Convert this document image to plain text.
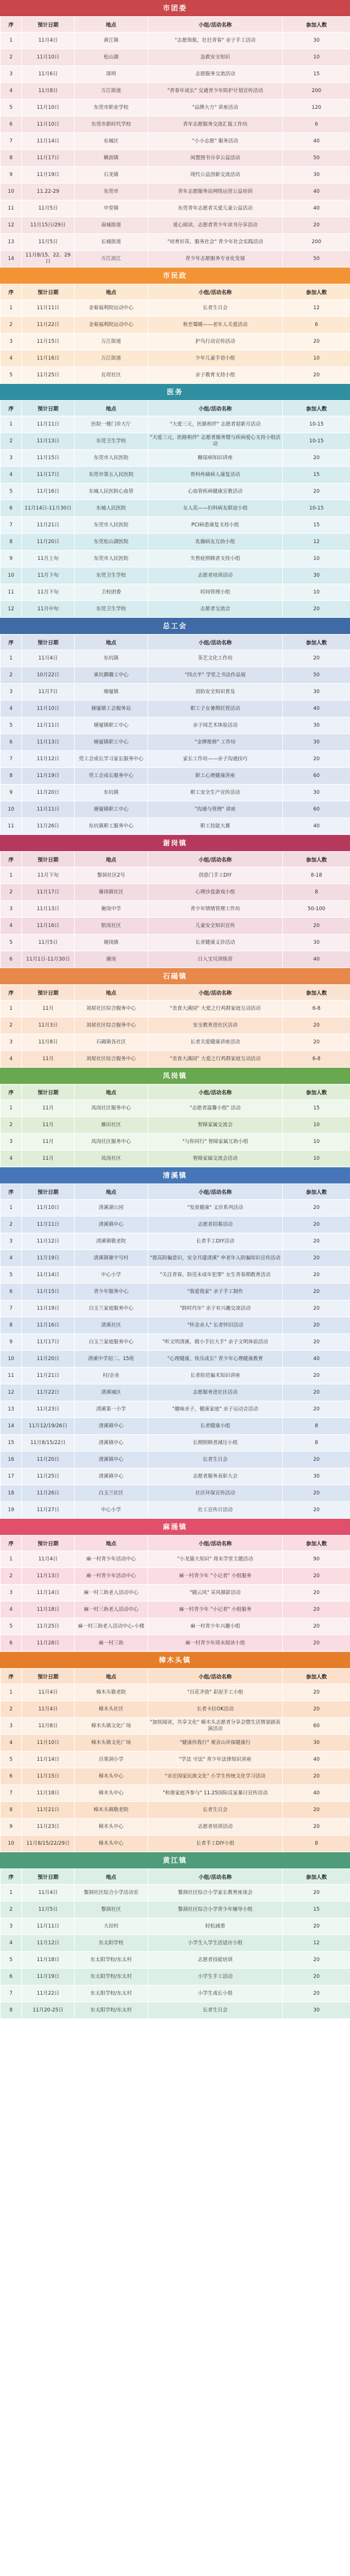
市团委
序	预计日期	地点	小组/活动名称	参加人数
1	11月4日	黄江镇	"志愿领航，壮壮青春" 亲子手工活动	30
2	11月10日	松山湖	急救安全知识	10
3	11月6日	深圳	志愿服务交流活动	15
4	11月8日	万江街道	"青春年成长" 交通青少年防护计划宣传活动	200
5	11月10日	东莞市职业学校	"品牌大方" 讲座活动	120
6	11月10日	东莞市新时代学校	青年志愿服务交流汇报工作坊	6
7	11月14日	东城区	"小小志愿" 服务活动	40
8	11月17日	横沥镇	闲置图书分享公益活动	50
9	11月19日	石龙镇	现代公益创新交流活动	30
10	11.22-29	东莞市	青年志愿服务站网络运营公益培训	40
11	11月5日	中堂镇	东莞青年志愿者关爱儿童公益活动	40
12	11月15日/29日	南城街道	爱心阅读，志愿者青少年读书分享活动	20
13	11月5日	长城街道	"培育好苗，服务社会" 青少年社会实践活动	200
14	11月8/15、22、29日	万江滨江	青少年志愿服务专业化发展	50
市民政
序	预计日期	地点	小组/活动名称	参加人数
1	11月11日	金菊福利院运动中心	长者生日会	12
2	11月22日	金菊福利院运动中心	秋至蜀暖——老年人关爱活动	6
3	11月15日	万江街道	护鸟行动宣传活动	20
4	11月16日	万江街道	少年儿童手语小组	10
5	11月25日	瓦埕社区	亲子教育支持小组	20
医务
序	预计日期	地点	小组/活动名称	参加人数
1	11月11日	医院一楼门诊大厅	"大爱三元，医路相伴" 志愿者迎新月活动	10-15
2	11月13日	东莞卫生学校	"天爱三元，医路相伴" 志愿者服务暨与疾病爱心支持小组活动	10-15
3	11月15日	东莞市人民医院	糖尿病知识讲座	20
4	11月17日	东莞市第五人民医院	骨科疼痛病人康复活动	15
5	11月16日	东城人民医院心血管	心血管疾病健康宣教活动	20
6	11月14日-11月30日	东城人民医院	女人花——妇科病友联谊小组	10-15
7	11月21日	东莞市人民医院	PCI病患康复支持小组	15
8	11月20日	东莞松山湖医院	乳腺病友互助小组	12
9	11月上旬	东莞市人民医院	失智症照顾者支持小组	10
10	11月下旬	东莞卫生学校	志愿者培训活动	30
11	11月下旬	卫校团委	时间管理小组	10
12	11月中旬	东莞卫生学校	志愿者交流会	20
总工会
序	预计日期	地点	小组/活动名称	参加人数
1	11月4日	东坑镇	茶艺文化工作坊	20
2	10月22日	東坑鎮職工中心	"四点半" 学堂之书法作品展	50
3	11月7日	塘厦镇	消防安全知识普及	30
4	11月10日	塘厦镇工会服务站	职工子女暑期托管活动	40
5	11月11日	塘厦镇职工中心	亲子闻艺术体验活动	30
6	11月13日	塘厦镇职工中心	"金牌维修" 工作坊	30
7	11月12日	莞工会成长学习家长服务中心	家长工作坊——亲子沟通技巧	20
8	11月19日	莞工会成长服务中心	职工心理健康讲座	60
9	11月20日	东坑镇	职工安全生产宣传活动	30
10	11月11日	塘厦镇职工中心	"沟通与管理" 讲座	60
11	11月26日	东坑镇职工服务中心	职工技能大赛	40
谢岗镇
序	预计日期	地点	小组/活动名称	参加人数
1	11月下旬	黎洞社区2号	创意门手工DIY	8-18
2	11月17日	谢岗镇社区	心理沙盘游戏小组	8
3	11月13日	谢岗中学	青少年情绪管理工作坊	50-100
4	11月16日	银岗社区	儿童安全知识宣传	20
5	11月5日	谢岗镇	长者健康义诊活动	30
6	11月1日-11月30日	谢岗	日入宝贝训练营	40
石碣镇
序	预计日期	地点	小组/活动名称	参加人数
1	11月	刘屋社区综合服务中心	"美食大满园" 大爱之行鸡群家庭互动活动	6-8
2	11月3日	刘屋社区综合服务中心	安全教育进社区活动	20
3	11月8日	石碣镇各社区	长者关爱健康讲座活动	20
4	11月	刘屋社区综合服务中心	"美食大满园" 大爱之行鸡群家庭互动活动	6-8
凤岗镇
序	预计日期	地点	小组/活动名称	参加人数
1	11月	凤岗社区服务中心	"志愿者温馨小组" 活动	15
2	11月	雁田社区	智障家属交流会	10
3	11月	凤岗社区服务中心	"与你同行" 智障家属互助小组	10
4	11月	凤岗社区	智障家属交流会活动	10
清溪镇
序	预计日期	地点	小组/活动名称	参加人数
1	11月10日	清溪湖公园	"发放健康" 义诊系列活动	20
2	11月11日	清溪镇中心	志愿者招募活动	20
3	11月12日	清溪镇敬老院	长者手工DIY活动	20
4	11月19日	清溪镇谢字号村	"提高防骗意识，安全共建清溪" 申老年人防骗知识宣传活动	20
5	11月14日	中心小学	"关注青春，防范未成年犯罪" 女生青春期教育活动	20
6	11月15日	青少年服务中心	"我爱我家" 亲子手工制作	20
7	11月19日	白玉兰家庭服务中心	"跨时代年" 亲子有兴趣交流活动	20
8	11月16日	清溪社区	"怀念亲人" 长者怀旧活动	20
9	11月17日	白玉兰家庭服务中心	"听文明清溪，做小手拉大手" 亲子文明体验活动	20
10	11月20日	清溪中学初二、15班	"心理健康，快乐成长" 青少年心理健康教育	40
11	11月21日	村/企业	长者防范骗术知识讲座	20
12	11月22日	清溪城区	志愿服务进社区活动	20
13	11月23日	清溪第一小学	"趣味亲子，健康家庭" 亲子运动会活动	20
14	11月12/19/26日	清溪镇中心	长者健康小组	8
15	11月8/15/22日	清溪镇中心	长期照顾者减压小组	8
16	11月20日	清溪镇中心	长者生日会	20
17	11月25日	清溪镇中心	志愿者服务表彰大会	30
18	11月26日	白玉兰社区	社区环保宣传活动	20
19	11月27日	中心小学	社工宣传日活动	20
麻涌镇
序	预计日期	地点	小组/活动名称	参加人数
1	11月4日	麻一村青少年活动中心	"小龙猫大知识" 周末学堂主题活动	90
2	11月13日	麻一村青少年活动中心	麻一村青少年 "小记者" 小组服务	20
3	11月14日	麻一村三助老人活动中心	"随云风" 采风摄影活动	20
4	11月18日	麻一村三助老人活动中心	麻一村青少年 "小记者" 小组服务	20
5	11月25日	麻一村三助老人活动中心-小楼	麻一村青少年兴趣小组	20
6	11月28日	麻一村三助	麻一村青少年周末阅读小组	20
樟木头镇
序	预计日期	地点	小组/活动名称	参加人数
1	11月4日	樟木头敬老院	"百花齐放" 彩泥手工小组	20
2	11月4日	樟木头社区	长者卡拉OK活动	20
3	11月8日	樟木头镇文化广场	"加快阅读，共享文化" 樟木头志愿者分享会暨生活情景剧表演活动	60
4	11月10日	樟木头镇文化广场	"健康你我行" 观音山环保健康行	30
5	11月14日	百果洞小学	"学法 守法" 青少年法律知识讲座	40
6	11月15日	樟木头中心	"亲近国家民族文化" 小学生传统文化学习活动	20
7	11月18日	樟木头中心	"和谐家庭齐参与" 11.25国际反家暴日宣传活动	40
8	11月21日	樟木头镇敬老院	长者生日会	20
9	11月23日	樟木头中心	志愿者培训活动	20
10	11月8/15/22/29日	樟木头中心	长者手工DIY小组	8
黄江镇
序	预计日期	地点	小组/活动名称	参加人数
1	11月4日	黎洞社区综合小学活动室	黎洞社区综合小学家长教育座谈会	20
2	11月5日	黎洞社区	黎洞社区综合小学青少年辅导小组	15
3	11月11日	大田村	轻松减重	20
4	11月12日	东太阳学校	小学生入学生活适应小组	12
5	11月18日	东太阳学校/东太村	志愿者技能培训	20
6	11月19日	东太阳学校/东太村	小学生手工活动	20
7	11月22日	东太阳学校/东太村	小学生成长小组	20
8	11月20-25日	东太阳学校/东太村	长者生日会	30
